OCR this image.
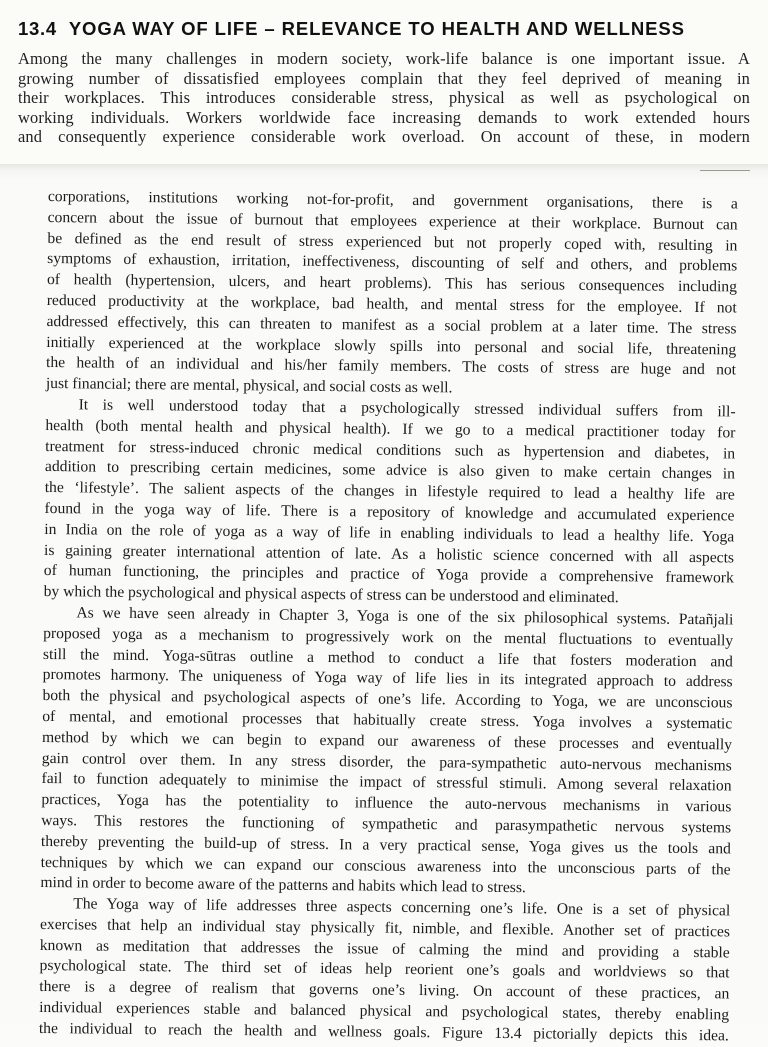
13.4 YOGA WAY OF LIFE – RELEVANCE TO HEALTH AND WELLNESS
Among the many challenges in modern society, work-life balance is one important issue. A
growing number of dissatisfied employees complain that they feel deprived of meaning in
their workplaces. This introduces considerable stress, physical as well as psychological on
working individuals. Workers worldwide face increasing demands to work extended hours
and consequently experience considerable work overload. On account of these, in modern
corporations, institutions working not-for-profit, and government organisations, there is a
concern about the issue of burnout that employees experience at their workplace. Burnout can
be defined as the end result of stress experienced but not properly coped with, resulting in
symptoms of exhaustion, irritation, ineffectiveness, discounting of self and others, and problems
of health (hypertension, ulcers, and heart problems). This has serious consequences including
reduced productivity at the workplace, bad health, and mental stress for the employee. If not
addressed effectively, this can threaten to manifest as a social problem at a later time. The stress
initially experienced at the workplace slowly spills into personal and social life, threatening
the health of an individual and his/her family members. The costs of stress are huge and not
just financial; there are mental, physical, and social costs as well.
It is well understood today that a psychologically stressed individual suffers from ill-
health (both mental health and physical health). If we go to a medical practitioner today for
treatment for stress-induced chronic medical conditions such as hypertension and diabetes, in
addition to prescribing certain medicines, some advice is also given to make certain changes in
the ‘lifestyle’. The salient aspects of the changes in lifestyle required to lead a healthy life are
found in the yoga way of life. There is a repository of knowledge and accumulated experience
in India on the role of yoga as a way of life in enabling individuals to lead a healthy life. Yoga
is gaining greater international attention of late. As a holistic science concerned with all aspects
of human functioning, the principles and practice of Yoga provide a comprehensive framework
by which the psychological and physical aspects of stress can be understood and eliminated.
As we have seen already in Chapter 3, Yoga is one of the six philosophical systems. Patañjali
proposed yoga as a mechanism to progressively work on the mental fluctuations to eventually
still the mind. Yoga-sūtras outline a method to conduct a life that fosters moderation and
promotes harmony. The uniqueness of Yoga way of life lies in its integrated approach to address
both the physical and psychological aspects of one’s life. According to Yoga, we are unconscious
of mental, and emotional processes that habitually create stress. Yoga involves a systematic
method by which we can begin to expand our awareness of these processes and eventually
gain control over them. In any stress disorder, the para-sympathetic auto-nervous mechanisms
fail to function adequately to minimise the impact of stressful stimuli. Among several relaxation
practices, Yoga has the potentiality to influence the auto-nervous mechanisms in various
ways. This restores the functioning of sympathetic and parasympathetic nervous systems
thereby preventing the build-up of stress. In a very practical sense, Yoga gives us the tools and
techniques by which we can expand our conscious awareness into the unconscious parts of the
mind in order to become aware of the patterns and habits which lead to stress.
The Yoga way of life addresses three aspects concerning one’s life. One is a set of physical
exercises that help an individual stay physically fit, nimble, and flexible. Another set of practices
known as meditation that addresses the issue of calming the mind and providing a stable
psychological state. The third set of ideas help reorient one’s goals and worldviews so that
there is a degree of realism that governs one’s living. On account of these practices, an
individual experiences stable and balanced physical and psychological states, thereby enabling
the individual to reach the health and wellness goals. Figure 13.4 pictorially depicts this idea.
